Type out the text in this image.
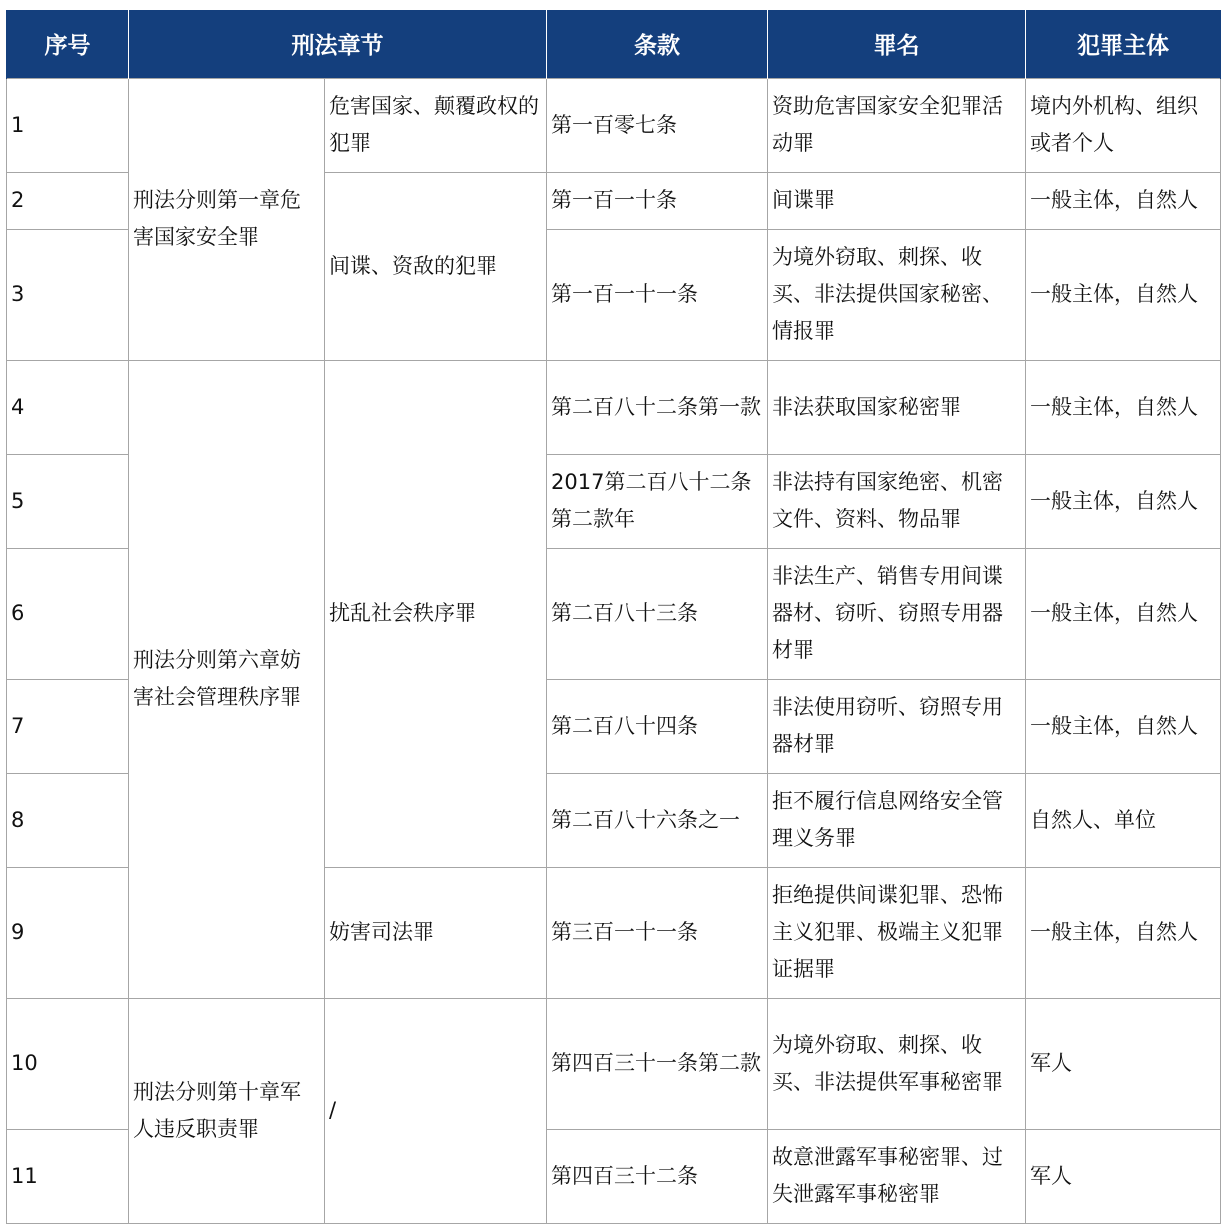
序号	刑法章节		条款	罪名	犯罪主体
1	刑法分则第一章危害国家安全罪	危害国家、颠覆政权的犯罪	第一百零七条	资助危害国家安全犯罪活动罪	境内外机构、组织或者个人
2		间谍、资敌的犯罪	第一百一十条	间谍罪	一般主体，自然人
3			第一百一十一条	为境外窃取、刺探、收买、非法提供国家秘密、情报罪	一般主体，自然人
4	刑法分则第六章妨害社会管理秩序罪	扰乱社会秩序罪	第二百八十二条第一款	非法获取国家秘密罪	一般主体，自然人
5			2017第二百八十二条第二款年	非法持有国家绝密、机密文件、资料、物品罪	一般主体，自然人
6			第二百八十三条	非法生产、销售专用间谍器材、窃听、窃照专用器材罪	一般主体，自然人
7			第二百八十四条	非法使用窃听、窃照专用器材罪	一般主体，自然人
8			第二百八十六条之一	拒不履行信息网络安全管理义务罪	自然人、单位
9		妨害司法罪	第三百一十一条	拒绝提供间谍犯罪、恐怖主义犯罪、极端主义犯罪证据罪	一般主体，自然人
10	刑法分则第十章军人违反职责罪	/	第四百三十一条第二款	为境外窃取、刺探、收买、非法提供军事秘密罪	军人
11			第四百三十二条	故意泄露军事秘密罪、过失泄露军事秘密罪	军人
